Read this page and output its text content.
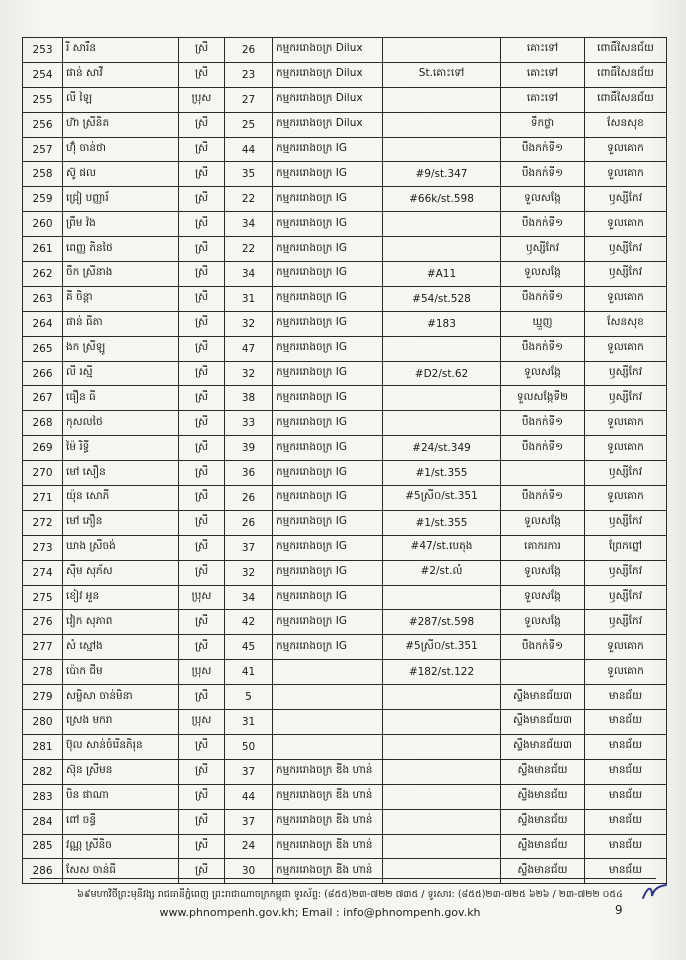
253	រី សារឹន	ស្រី	26	កម្មកររោងចក្រ Dilux		គោះទៅ	ពោធិ៍សែនជ័យ
254	ផាន់ សាវី	ស្រី	23	កម្មកររោងចក្រ Dilux	St.គោះទៅ	គោះទៅ	ពោធិ៍សែនជ័យ
255	លី ឡៃ	ប្រុស	27	កម្មកររោងចក្រ Dilux		គោះទៅ	ពោធិ៍សែនជ័យ
256	ហ៊ា ស្រីនិត	ស្រី	25	កម្មកររោងចក្រ Dilux		ទឹកថ្លា	សែនសុខ
257	ហ៊ុំ ចាន់ថា	ស្រី	44	កម្មកររោងចក្រ IG		បឹងកក់ទី១	ទួលគោក
258	ស៊ូ ផល	ស្រី	35	កម្មកររោងចក្រ IG	#9/st.347	បឹងកក់ទី១	ទួលគោក
259	ជ្រៀ បញ្ញារ័	ស្រី	22	កម្មកររោងចក្រ IG	#66k/st.598	ទួលសង្កែ	ឫស្សីកែវ
260	ព្រឹម វ៉ង	ស្រី	34	កម្មកររោងចក្រ IG		បឹងកក់ទី១	ទួលគោក
261	ពេញ្ញ ភិនថៃ	ស្រី	22	កម្មកររោងចក្រ IG		ឫស្សីកែវ	ឫស្សីកែវ
262	ចឹក ស្រីនាង	ស្រី	34	កម្មកររោងចក្រ IG	#A11	ទួលសង្កែ	ឫស្សីកែវ
263	គី ចិន្តា	ស្រី	31	កម្មកររោងចក្រ IG	#54/st.528	បឹងកក់ទី១	ទួលគោក
264	ផាន់ ធីតា	ស្រី	32	កម្មកររោងចក្រ IG	#183	ឃ្មួញ	សែនសុខ
265	ងក ស្រីឡូ	ស្រី	47	កម្មកររោងចក្រ IG		បឹងកក់ទី១	ទួលគោក
266	លី រស្មី	ស្រី	32	កម្មកររោងចក្រ IG	#D2/st.62	ទួលសង្កែ	ឫស្សីកែវ
267	ធឿន ធី	ស្រី	38	កម្មកររោងចក្រ IG		ទួលសង្កែទី២	ឫស្សីកែវ
268	កុសលថៃ	ស្រី	33	កម្មកររោងចក្រ IG		បឹងកក់ទី១	ទួលគោក
269	ម៉ៃ រិទ្ធី	ស្រី	39	កម្មកររោងចក្រ IG	#24/st.349	បឹងកក់ទី១	ទួលគោក
270	មៅ សឿន	ស្រី	36	កម្មកររោងចក្រ IG	#1/st.355		ឫស្សីកែវ
271	យ៉ុន សោភី	ស្រី	26	កម្មកររោងចក្រ IG	#5ស្រី០/st.351	បឹងកក់ទី១	ទួលគោក
272	មៅ ភឿន	ស្រី	26	កម្មកររោងចក្រ IG	#1/st.355	ទួលសង្កែ	ឫស្សីកែវ
273	ឃាង ស្រីចង់	ស្រី	37	កម្មកររោងចក្រ IG	#47/st.បេតុង	គោករការ	ព្រែកព្នៅ
274	ស៊ឹម សុភ័ស	ស្រី	32	កម្មកររោងចក្រ IG	#2/st.លំ	ទួលសង្កែ	ឫស្សីកែវ
275	ខៀវ អួន	ប្រុស	34	កម្មកររោងចក្រ IG		ទួលសង្កែ	ឫស្សីកែវ
276	វៀក សុភាព	ស្រី	42	កម្មកររោងចក្រ IG	#287/st.598	ទួលសង្កែ	ឫស្សីកែវ
277	សំ ស្មៅង	ស្រី	45	កម្មកររោងចក្រ IG	#5ស្រី០/st.351	បឹងកក់ទី១	ទួលគោក
278	ប៉ោក ជីម	ប្រុស	41		#182/st.122		ទួលគោក
279	សម្ផិសា ចាន់មិនា	ស្រី	5			ស្ទឹងមានជ័យ៣	មានជ័យ
280	ស្រេង មករា	ប្រុស	31			ស្ទឹងមានជ័យ៣	មានជ័យ
281	ប៊ុល សាន់ចំរើនភិរុន	ស្រី	50			ស្ទឹងមានជ័យ៣	មានជ័យ
282	ស៊ុន ស្រីមន	ស្រី	37	កម្មកររោងចក្រ ឌីង ហាន់		ស្ទឹងមានជ័យ	មានជ័យ
283	បិន ផាណា	ស្រី	44	កម្មកររោងចក្រ ឌីង ហាន់		ស្ទឹងមានជ័យ	មានជ័យ
284	ពៅ ចន្ធី	ស្រី	37	កម្មកររោងចក្រ ឌីង ហាន់		ស្ទឹងមានជ័យ	មានជ័យ
285	វណ្ណ ស្រីនិច	ស្រី	24	កម្មកររោងចក្រ ឌីង ហាន់		ស្ទឹងមានជ័យ	មានជ័យ
286	សែស ចាន់ធី	ស្រី	30	កម្មកររោងចក្រ ឌីង ហាន់		ស្ទឹងមានជ័យ	មានជ័យ
៦៩មហាវិថីព្រះមុនីវង្ស រាជធានីភ្នំពេញ ព្រះរាជាណាចក្រកម្ពុជា ទូរស័ព្ទ: (៨៥៥)២៣-៧២២ ៧៣៥ / ទូរសារ: (៨៥៥)២៣-៧២៥ ៦២៦ / ២៣-៧២២ ០៥៤
www.phnompenh.gov.kh; Email : info@phnompenh.gov.kh	9
